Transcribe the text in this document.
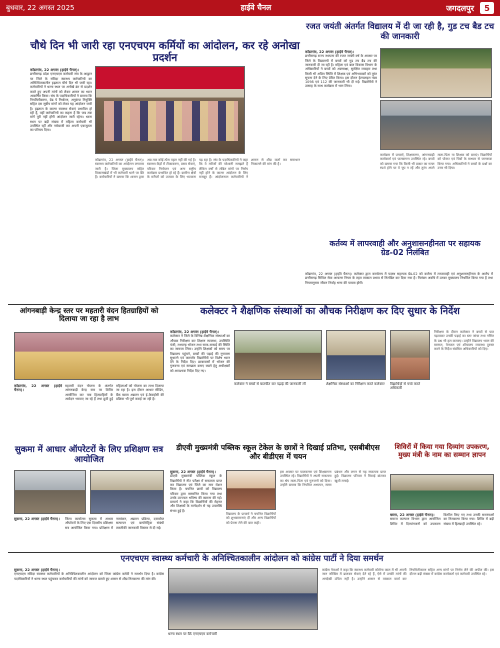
बुधवार, 22 अगस्त 2025	हाईवे चैनल	जगदलपुर	5
चौथे दिन भी जारी रहा एनएचएम कर्मियों का आंदोलन, कर रहे अनोखा प्रदर्शन
कोंडागांव, 22 अगस्त (हाईवे चैनल)।

छत्तीसगढ़ प्रदेश एनएचएम कर्मचारी संघ के आह्वान पर जिले के संविदा स्वास्थ्य कर्मचारियों का अनिश्चितकालीन हड़ताल चौथे दिन भी जारी रहा। कर्मचारियों ने धरना स्थल पर अनोखे ढंग से प्रदर्शन करते हुए अपनी मांगों को लेकर शासन का ध्यान आकर्षित किया। संघ के पदाधिकारियों ने बताया कि नियमितीकरण, ग्रेड पे निर्धारण, अनुकंपा नियुक्ति सहित दस सूत्रीय मांगों को लेकर यह आंदोलन जारी है। हड़ताल के कारण स्वास्थ्य सेवाएं प्रभावित हो रही हैं, वहीं कर्मचारियों का कहना है कि जब तक मांगें पूरी नहीं होंगी आंदोलन जारी रहेगा। धरना स्थल पर बड़ी संख्या में महिला कर्मचारी भी उपस्थित रहीं और नारेबाजी कर अपनी एकजुटता का परिचय दिया।

कोंडागांव, 22 अगस्त (हाईवे चैनल)। स्वास्थ्य कर्मचारियों का आंदोलन लगातार जारी है। जिला मुख्यालय सहित विकासखंडों में भी कर्मचारी धरने पर बैठे हैं। कर्मचारियों ने बताया कि शासन द्वारा अब तक कोई ठोस पहल नहीं की गई है। स्वास्थ्य केंद्रों में टीकाकरण, प्रसव सेवाएं, परिवार नियोजन एवं अन्य राष्ट्रीय कार्यक्रम प्रभावित हो रहे हैं। ग्रामीण क्षेत्रों के मरीजों को उपचार के लिए भटकना पड़ रहा है। संघ के पदाधिकारियों ने कहा कि वे मरीजों की परेशानी समझते हैं लेकिन वर्षों से लंबित मांगों पर निर्णय नहीं होने के कारण आंदोलन के लिए मजबूर हैं। आंदोलनरत कर्मचारियों ने शासन से शीघ्र वार्ता कर समाधान निकालने की मांग की है।

रजत जयंती अंतर्गत विद्यालय में दी जा रही है, गुड टच बैड टच की जानकारी
कोंडागांव, 22 अगस्त (हाईवे चैनल)।

छत्तीसगढ़ राज्य स्थापना की रजत जयंती वर्ष के अवसर पर जिले के विद्यालयों में बच्चों को गुड टच बैड टच की जानकारी दी जा रही है। महिला एवं बाल विकास विभाग के अधिकारियों ने बच्चों को आत्मरक्षा, सुरक्षित व्यवहार तथा किसी भी अप्रिय स्थिति में शिक्षक एवं अभिभावकों को तुरंत सूचना देने के लिए प्रेरित किया। इस दौरान हेल्पलाइन नंबर 1098 एवं 112 की जानकारी भी दी गई। विद्यार्थियों ने उत्साह के साथ कार्यक्रम में भाग लिया।

कार्यक्रम में प्राचार्य, शिक्षकगण, आंगनबाड़ी कार्यकर्ता एवं पालकगण उपस्थित रहे। बच्चों को बताया गया कि किसी भी प्रकार का गलत स्पर्श होने पर वे चुप न रहें और तुरंत अपने माता-पिता या शिक्षक को बताएं। विद्यार्थियों को पोस्टर एवं चित्रों के माध्यम से जागरूक किया गया। अधिकारियों ने बच्चों के प्रश्नों का उत्तर भी दिया।

कर्तव्य में लापरवाही और अनुशासनहीनता पर सहायक ग्रेड-02 निलंबित

कोंडागांव, 22 अगस्त (हाईवे चैनल)। कलेक्टर द्वारा कार्यालय में पदस्थ सहायक ग्रेड-02 को कर्तव्य में लापरवाही एवं अनुशासनहीनता के आरोप में छत्तीसगढ़ सिविल सेवा आचरण नियम के तहत तत्काल प्रभाव से निलंबित कर दिया गया है। निलंबन अवधि में उनका मुख्यालय निर्धारित किया गया है तथा नियमानुसार जीवन निर्वाह भत्ता की पात्रता होगी।

कलेक्टर ने शैक्षणिक संस्थाओं का औचक निरीक्षण कर दिए सुधार के निर्देश
कोंडागांव, 22 अगस्त (हाईवे चैनल)।

कलेक्टर ने जिले के विभिन्न शैक्षणिक संस्थाओं का औचक निरीक्षण कर शिक्षण व्यवस्था, उपस्थिति पंजी, मध्यान्ह भोजन तथा साफ-सफाई की स्थिति का जायजा लिया। उन्होंने शिक्षकों को समय पर विद्यालय पहुंचने, बच्चों की पढ़ाई की गुणवत्ता सुधारने एवं कमजोर विद्यार्थियों पर विशेष ध्यान देने के निर्देश दिए। छात्रावासों में भोजन की गुणवत्ता एवं स्वच्छता बनाए रखने हेतु अधीक्षकों को आवश्यक निर्देश दिए गए।

कलेक्टर ने बच्चों से बातचीत कर पढ़ाई की जानकारी ली	शैक्षणिक संस्थाओं का निरीक्षण करते कलेक्टर	विद्यार्थियों से चर्चा करते अधिकारी

निरीक्षण के दौरान कलेक्टर ने बच्चों से पाठ पढ़वाकर उनकी पढ़ाई का स्तर जांचा तथा गणित के प्रश्न भी हल करवाए। उन्होंने विद्यालय भवन की मरम्मत, पेयजल एवं शौचालय व्यवस्था दुरुस्त करने के निर्देश संबंधित अधिकारियों को दिए।

आंगनबाड़ी केन्द्र स्तर पर महतारी वंदन हितग्राहियों को दिलाया जा रहा है लाभ
कोंडागांव, 22 अगस्त (हाईवे चैनल)।

महतारी वंदन योजना के अंतर्गत आंगनबाड़ी केन्द्र स्तर पर शिविर आयोजित कर पात्र हितग्राहियों के आवेदन भरवाए जा रहे हैं तथा छूटी हुई महिलाओं को योजना का लाभ दिलाया जा रहा है। इस दौरान आधार सीडिंग, बैंक खाता अद्यतन एवं ई-केवाईसी की प्रक्रिया भी पूर्ण कराई जा रही है।

सुकमा में आधार ऑपरेटरों के लिए प्रशिक्षण सत्र आयोजित
सुकमा, 22 अगस्त (हाईवे चैनल)।	जिला कार्यालय सुकमा में आधार ऑपरेटरों के लिए एक दिवसीय प्रशिक्षण सत्र आयोजित किया गया। प्रशिक्षण में नामांकन, अद्यतन प्रक्रिया, दस्तावेज सत्यापन एवं बायोमेट्रिक संबंधी तकनीकी जानकारी विस्तार से दी गई।

डीएवी मुख्यमंत्री पब्लिक स्कूल टेकेल के छात्रों ने दिखाई प्रतिभा, एसबीबीएस और बीडीएस में चयन
सुकमा, 22 अगस्त (हाईवे चैनल)।

डीएवी मुख्यमंत्री पब्लिक स्कूल के विद्यार्थियों ने नीट परीक्षा में सफलता प्राप्त कर विद्यालय एवं जिले का नाम रोशन किया है। चयनित छात्रों को विद्यालय परिवार द्वारा सम्मानित किया गया तथा उनके उज्ज्वल भविष्य की कामना की गई। प्राचार्य ने कहा कि विद्यार्थियों की मेहनत और शिक्षकों के मार्गदर्शन से यह उपलब्धि संभव हुई है।

विद्यालय के प्राचार्य ने चयनित विद्यार्थियों को शुभकामनाएं दीं और अन्य विद्यार्थियों को प्रेरणा लेने की बात कही।

इस अवसर पर पालकगण एवं शिक्षकगण उपस्थित रहे। विद्यार्थियों ने अपनी सफलता का श्रेय माता-पिता एवं गुरुजनों को दिया। उन्होंने बताया कि नियमित अध्ययन, समय प्रबंधन और लगन से यह सफलता प्राप्त हुई। विद्यालय परिवार ने मिठाई बांटकर खुशी मनाई।

शिविरों में किया गया दिव्यांग उपकरण, मुख्य मंत्री के नाम का सम्मान ज्ञापन
बस्तर, 22 अगस्त (हाईवे चैनल)।

समाज कल्याण विभाग द्वारा आयोजित शिविर में दिव्यांगजनों को उपकरण वितरित किए गए तथा उनकी समस्याओं का निराकरण किया गया। शिविर में बड़ी संख्या में हितग्राही उपस्थित रहे।

एनएचएम स्वास्थ्य कर्मचारी के अनिश्चितकालीन आंदोलन को कांग्रेस पार्टी ने दिया समर्थन
सुकमा, 22 अगस्त (हाईवे चैनल)।

एनएचएम संविदा स्वास्थ्य कर्मचारियों के अनिश्चितकालीन आंदोलन को जिला कांग्रेस कमेटी ने समर्थन दिया है। कांग्रेस पदाधिकारियों ने धरना स्थल पहुंचकर कर्मचारियों की मांगों को जायज बताते हुए शासन से शीघ्र निराकरण की मांग की।

धरना स्थल पर बैठे एनएचएम कर्मचारी

कांग्रेस नेताओं ने कहा कि स्वास्थ्य कर्मचारी कोरोना काल में भी अपनी जान जोखिम में डालकर सेवाएं देते रहे हैं, ऐसे में उनकी मांगों की अनदेखी उचित नहीं है। उन्होंने शासन से तत्काल वार्ता कर नियमितीकरण सहित अन्य मांगों पर निर्णय लेने की अपील की। इस दौरान बड़ी संख्या में कांग्रेस कार्यकर्ता एवं कर्मचारी उपस्थित रहे।
